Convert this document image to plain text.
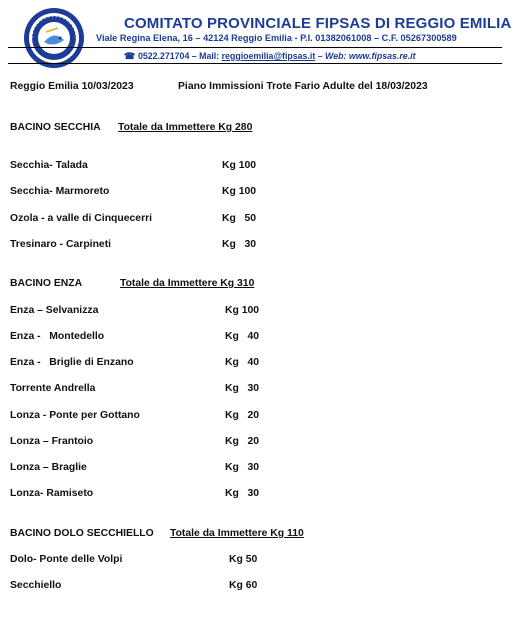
COMITATO PROVINCIALE FIPSAS DI REGGIO EMILIA
Viale Regina Elena, 16 – 42124 Reggio Emilia - P.I. 01382061008 – C.F. 05267300589
☎ 0522.271704 – Mail: reggioemilia@fipsas.it – Web: www.fipsas.re.it
Reggio Emilia 10/03/2023	Piano Immissioni Trote Fario Adulte del 18/03/2023
BACINO SECCHIA Totale da Immettere Kg 280
Secchia- Talada	Kg 100
Secchia- Marmoreto	Kg 100
Ozola - a valle di Cinquecerri	Kg   50
Tresinaro - Carpineti	Kg   30
BACINO ENZA	Totale da Immettere Kg 310
Enza – Selvanizza	Kg 100
Enza -   Montedello	Kg   40
Enza -   Briglie di Enzano	Kg   40
Torrente Andrella	Kg   30
Lonza - Ponte per Gottano	Kg   20
Lonza – Frantoio	Kg   20
Lonza – Braglie	Kg   30
Lonza- Ramiseto	Kg   30
BACINO DOLO SECCHIELLO Totale da Immettere Kg 110
Dolo- Ponte delle Volpi	Kg 50
Secchiello	Kg 60
